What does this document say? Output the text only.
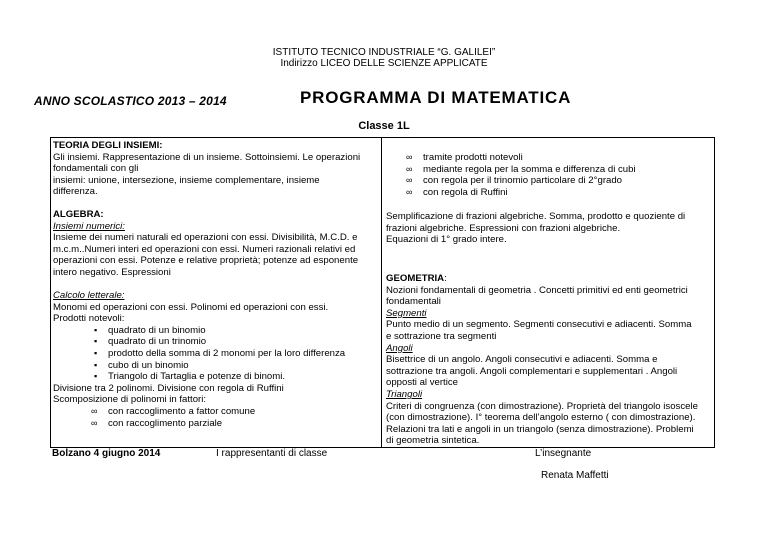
ISTITUTO TECNICO INDUSTRIALE “G. GALILEI”
Indirizzo LICEO DELLE SCIENZE APPLICATE
ANNO SCOLASTICO 2013 – 2014	PROGRAMMA DI MATEMATICA
Classe 1L
TEORIA DEGLI INSIEMI:
Gli insiemi. Rappresentazione di un insieme. Sottoinsiemi. Le operazioni
fondamentali con gli
insiemi: unione, intersezione, insieme complementare, insieme
differenza.
ALGEBRA:
Insiemi numerici:
Insieme dei numeri naturali ed operazioni con essi. Divisibilità, M.C.D. e
m.c.m..Numeri interi ed operazioni con essi. Numeri razionali relativi ed
operazioni con essi. Potenze e relative proprietà; potenze ad esponente
intero negativo. Espressioni
Calcolo letterale:
Monomi ed operazioni con essi. Polinomi ed operazioni con essi.
Prodotti notevoli:
▪ quadrato di un binomio
▪ quadrato di un trinomio
▪ prodotto della somma di 2 monomi per la loro differenza
▪ cubo di un binomio
▪ Triangolo di Tartaglia e potenze di binomi.
Divisione tra 2 polinomi. Divisione con regola di Ruffini
Scomposizione di polinomi in fattori:
∞ con raccoglimento a fattor comune
∞ con raccoglimento parziale
∞ tramite prodotti notevoli
∞ mediante regola per la somma e differenza di cubi
∞ con regola per il trinomio particolare di 2°grado
∞ con regola di Ruffini
Semplificazione di frazioni algebriche. Somma, prodotto e quoziente di
frazioni algebriche. Espressioni con frazioni algebriche.
Equazioni di 1° grado intere.
GEOMETRIA:
Nozioni fondamentali di geometria . Concetti primitivi ed enti geometrici
fondamentali
Segmenti
Punto medio di un segmento. Segmenti consecutivi e adiacenti. Somma
e sottrazione tra segmenti
Angoli
Bisettrice di un angolo. Angoli consecutivi e adiacenti. Somma e
sottrazione tra angoli. Angoli complementari e supplementari . Angoli
opposti al vertice
Triangoli
Criteri di congruenza (con dimostrazione). Proprietà del triangolo isoscele
(con dimostrazione). I° teorema dell’angolo esterno ( con dimostrazione).
Relazioni tra lati e angoli in un triangolo (senza dimostrazione). Problemi
di geometria sintetica.
Bolzano 4 giugno 2014	I rappresentanti di classe	L’insegnante
Renata Maffetti
